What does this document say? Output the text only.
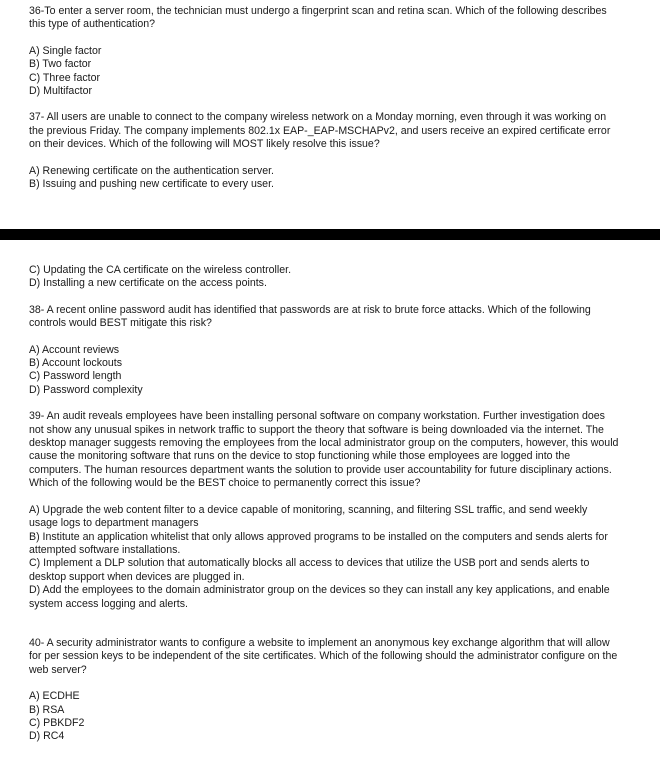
36-To enter a server room, the technician must undergo a fingerprint scan and retina scan. Which of the following describes this type of authentication?

A) Single factor
B) Two factor
C) Three factor
D) Multifactor

37- All users are unable to connect to the company wireless network on a Monday morning, even through it was working on the previous Friday. The company implements 802.1x EAP-_EAP-MSCHAPv2, and users receive an expired certificate error on their devices. Which of the following will MOST likely resolve this issue?

A) Renewing certificate on the authentication server.
B) Issuing and pushing new certificate to every user.
C) Updating the CA certificate on the wireless controller.
D) Installing a new certificate on the access points.

38- A recent online password audit has identified that passwords are at risk to brute force attacks. Which of the following controls would BEST mitigate this risk?

A) Account reviews
B) Account lockouts
C) Password length
D) Password complexity

39- An audit reveals employees have been installing personal software on company workstation. Further investigation does not show any unusual spikes in network traffic to support the theory that software is being downloaded via the internet. The desktop manager suggests removing the employees from the local administrator group on the computers, however, this would cause the monitoring software that runs on the device to stop functioning while those employees are logged into the computers. The human resources department wants the solution to provide user accountability for future disciplinary actions. Which of the following would be the BEST choice to permanently correct this issue?

A) Upgrade the web content filter to a device capable of monitoring, scanning, and filtering SSL traffic, and send weekly usage logs to department managers
B) Institute an application whitelist that only allows approved programs to be installed on the computers and sends alerts for attempted software installations.
C) Implement a DLP solution that automatically blocks all access to devices that utilize the USB port and sends alerts to desktop support when devices are plugged in.
D) Add the employees to the domain administrator group on the devices so they can install any key applications, and enable system access logging and alerts.

40- A security administrator wants to configure a website to implement an anonymous key exchange algorithm that will allow for per session keys to be independent of the site certificates. Which of the following should the administrator configure on the web server?

A) ECDHE
B) RSA
C) PBKDF2
D) RC4
